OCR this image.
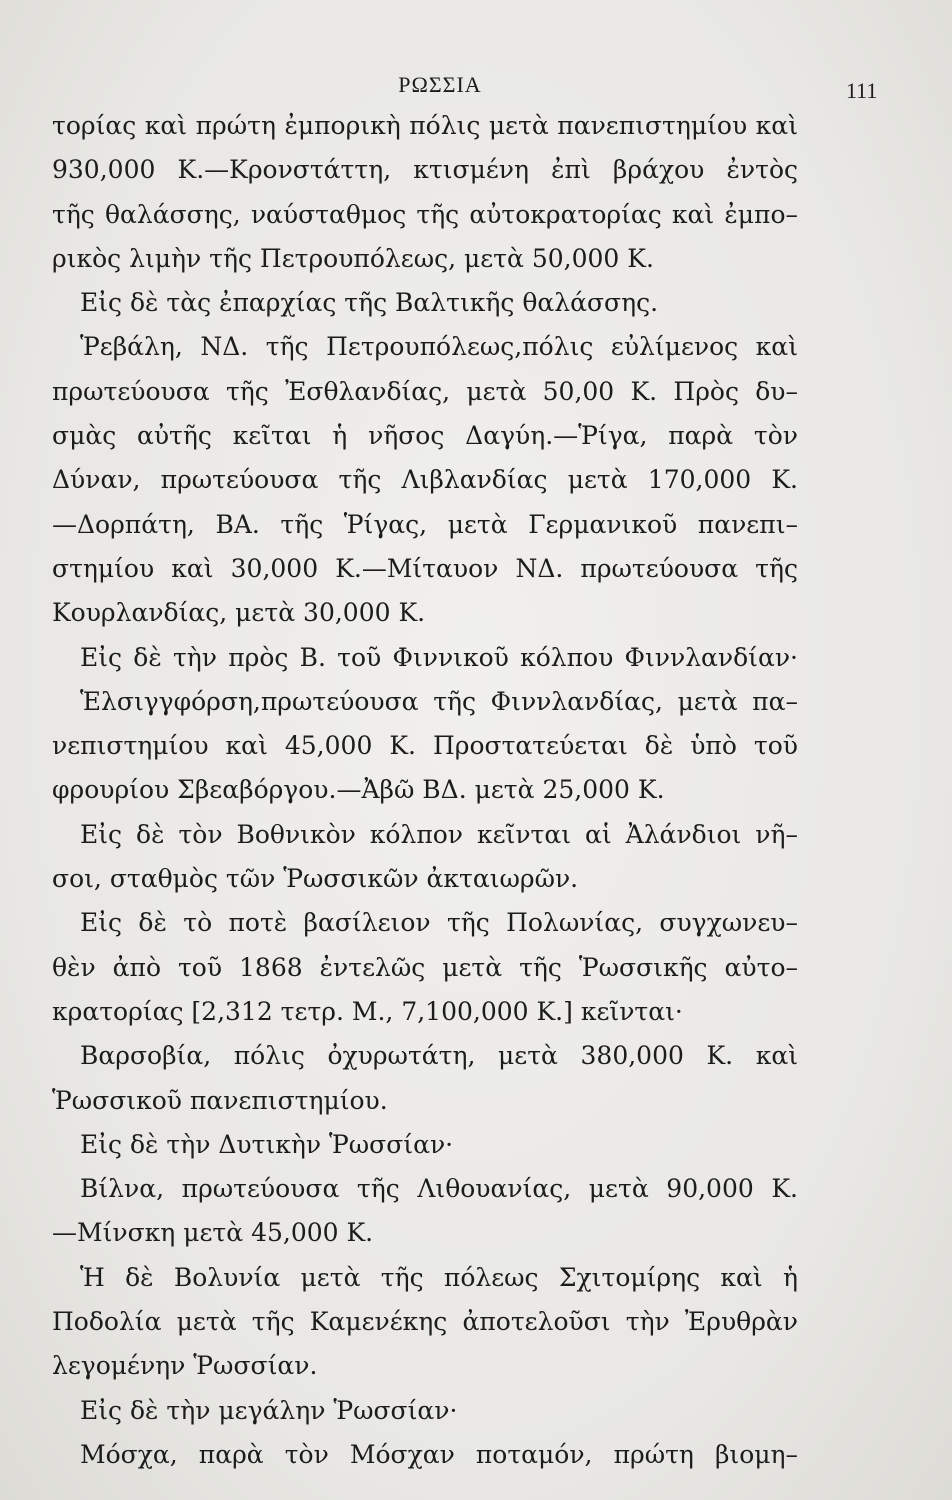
ΡΩΣΣΙΑ	111
τορίας καὶ πρώτη ἐμπορικὴ πόλις μετὰ πανεπιστημίου καὶ
930,000 Κ.—Κρονστάττη, κτισμένη ἐπὶ βράχου ἐντὸς
τῆς θαλάσσης, ναύσταθμος τῆς αὐτοκρατορίας καὶ ἐμπο–
ρικὸς λιμὴν τῆς Πετρουπόλεως, μετὰ 50,000 Κ.
Εἰς δὲ τὰς ἐπαρχίας τῆς Βαλτικῆς θαλάσσης.
Ῥεβάλη, ΝΔ. τῆς Πετρουπόλεως,πόλις εὐλίμενος καὶ
πρωτεύουσα τῆς Ἐσθλανδίας, μετὰ 50,00 Κ. Πρὸς δυ–
σμὰς αὐτῆς κεῖται ἡ νῆσος Δαγύη.—Ῥίγα, παρὰ τὸν
Δύναν, πρωτεύουσα τῆς Λιβλανδίας μετὰ 170,000 Κ.
—Δορπάτη, ΒΑ. τῆς Ῥίγας, μετὰ Γερμανικοῦ πανεπι–
στημίου καὶ 30,000 Κ.—Μίταυον ΝΔ. πρωτεύουσα τῆς
Κουρλανδίας, μετὰ 30,000 Κ.
Εἰς δὲ τὴν πρὸς Β. τοῦ Φιννικοῦ κόλπου Φιννλανδίαν·
Ἑλσιγγφόρση,πρωτεύουσα τῆς Φιννλανδίας, μετὰ πα–
νεπιστημίου καὶ 45,000 Κ. Προστατεύεται δὲ ὑπὸ τοῦ
φρουρίου Σβεαβόργου.—Ἀβῶ ΒΔ. μετὰ 25,000 Κ.
Εἰς δὲ τὸν Βοθνικὸν κόλπον κεῖνται αἱ Ἀλάνδιοι νῆ–
σοι, σταθμὸς τῶν Ῥωσσικῶν ἀκταιωρῶν.
Εἰς δὲ τὸ ποτὲ βασίλειον τῆς Πολωνίας, συγχωνευ–
θὲν ἀπὸ τοῦ 1868 ἐντελῶς μετὰ τῆς Ῥωσσικῆς αὐτο–
κρατορίας [2,312 τετρ. Μ., 7,100,000 Κ.] κεῖνται·
Βαρσοβία, πόλις ὀχυρωτάτη, μετὰ 380,000 Κ. καὶ
Ῥωσσικοῦ πανεπιστημίου.
Εἰς δὲ τὴν Δυτικὴν Ῥωσσίαν·
Βίλνα, πρωτεύουσα τῆς Λιθουανίας, μετὰ 90,000 Κ.
—Μίνσκη μετὰ 45,000 Κ.
Ἡ δὲ Βολυνία μετὰ τῆς πόλεως Σχιτομίρης καὶ ἡ
Ποδολία μετὰ τῆς Καμενέκης ἀποτελοῦσι τὴν Ἐρυθρὰν
λεγομένην Ῥωσσίαν.
Εἰς δὲ τὴν μεγάλην Ῥωσσίαν·
Μόσχα, παρὰ τὸν Μόσχαν ποταμόν, πρώτη βιομη–
